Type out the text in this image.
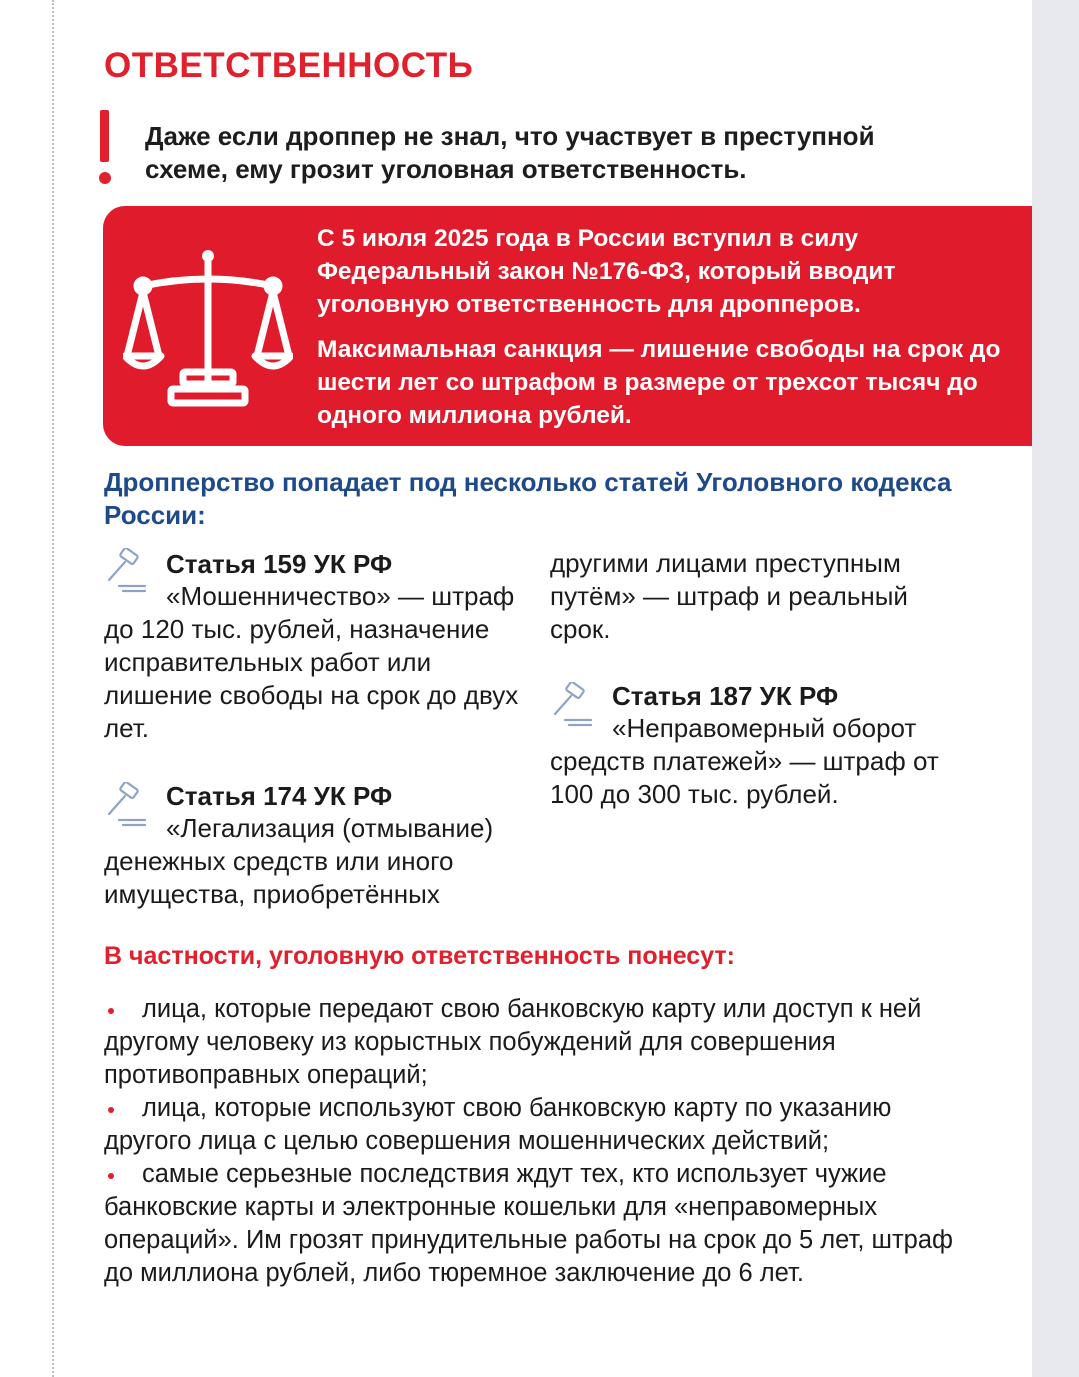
ОТВЕТСТВЕННОСТЬ
Даже если дроппер не знал, что участвует в преступной схеме, ему грозит уголовная ответственность.

С 5 июля 2025 года в России вступил в силу Федеральный закон №176-ФЗ, который вводит уголовную ответственность для дропперов.

Максимальная санкция — лишение свободы на срок до шести лет со штрафом в размере от трехсот тысяч до одного миллиона рублей.

Дропперство попадает под несколько статей Уголовного кодекса России:
Статья 159 УК РФ
«Мошенничество» — штраф до 120 тыс. рублей, назначение исправительных работ или лишение свободы на срок до двух лет.
Статья 174 УК РФ
«Легализация (отмывание) денежных средств или иного имущества, приобретённых
другими лицами преступным путём» — штраф и реальный срок.
Статья 187 УК РФ
«Неправомерный оборот средств платежей» — штраф от 100 до 300 тыс. рублей.
В частности, уголовную ответственность понесут:
лица, которые передают свою банковскую карту или доступ к ней другому человеку из корыстных побуждений для совершения противоправных операций;
лица, которые используют свою банковскую карту по указанию другого лица с целью совершения мошеннических действий;
самые серьезные последствия ждут тех, кто использует чужие банковские карты и электронные кошельки для «неправомерных операций». Им грозят принудительные работы на срок до 5 лет, штраф до миллиона рублей, либо тюремное заключение до 6 лет.
